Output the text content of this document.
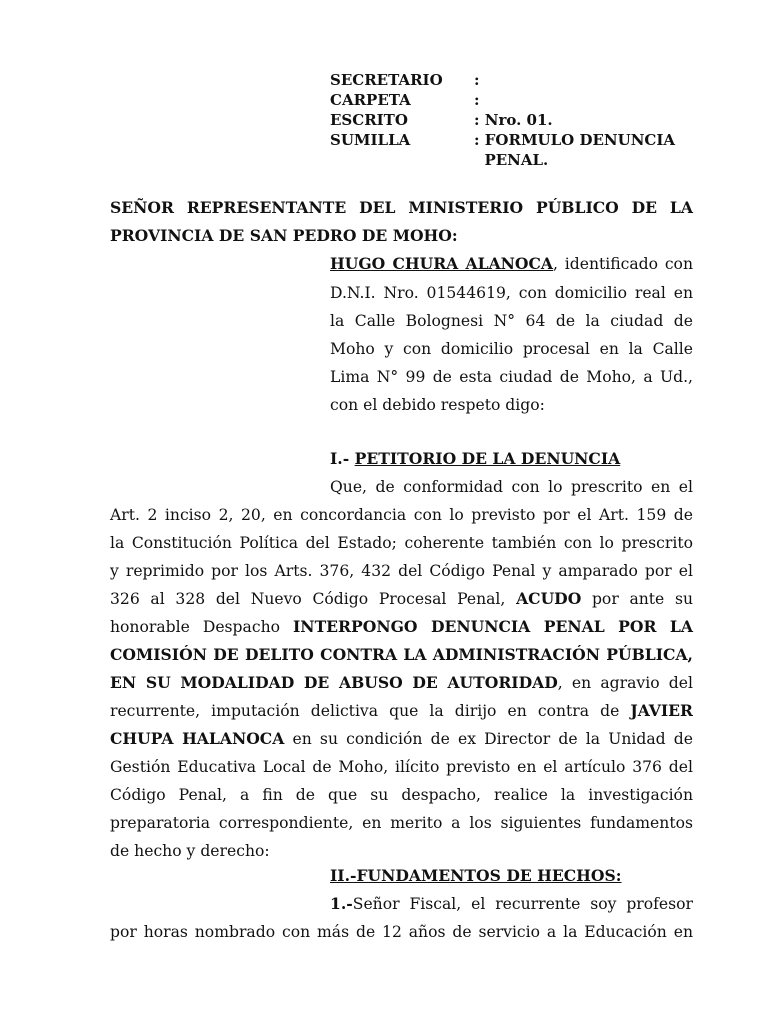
SECRETARIO	:
CARPETA	:
ESCRITO	: Nro. 01.
SUMILLA	: FORMULO DENUNCIA
PENAL.
SEÑOR REPRESENTANTE DEL MINISTERIO PÚBLICO DE LA
PROVINCIA DE SAN PEDRO DE MOHO:
HUGO CHURA ALANOCA, identificado con
D.N.I. Nro. 01544619, con domicilio real en
la Calle Bolognesi N° 64 de la ciudad de
Moho y con domicilio procesal en la Calle
Lima N° 99 de esta ciudad de Moho, a Ud.,
con el debido respeto digo:
I.- PETITORIO DE LA DENUNCIA
Que, de conformidad con lo prescrito en el
Art. 2 inciso 2, 20, en concordancia con lo previsto por el Art. 159 de
la Constitución Política del Estado; coherente también con lo prescrito
y reprimido por los Arts. 376, 432 del Código Penal y amparado por el
326 al 328 del Nuevo Código Procesal Penal, ACUDO por ante su
honorable Despacho INTERPONGO DENUNCIA PENAL POR LA
COMISIÓN DE DELITO CONTRA LA ADMINISTRACIÓN PÚBLICA,
EN SU MODALIDAD DE ABUSO DE AUTORIDAD, en agravio del
recurrente, imputación delictiva que la dirijo en contra de JAVIER
CHUPA HALANOCA en su condición de ex Director de la Unidad de
Gestión Educativa Local de Moho, ilícito previsto en el artículo 376 del
Código Penal, a fin de que su despacho, realice la investigación
preparatoria correspondiente, en merito a los siguientes fundamentos
de hecho y derecho:
II.-FUNDAMENTOS DE HECHOS:
1.-Señor Fiscal, el recurrente soy profesor
por horas nombrado con más de 12 años de servicio a la Educación en
